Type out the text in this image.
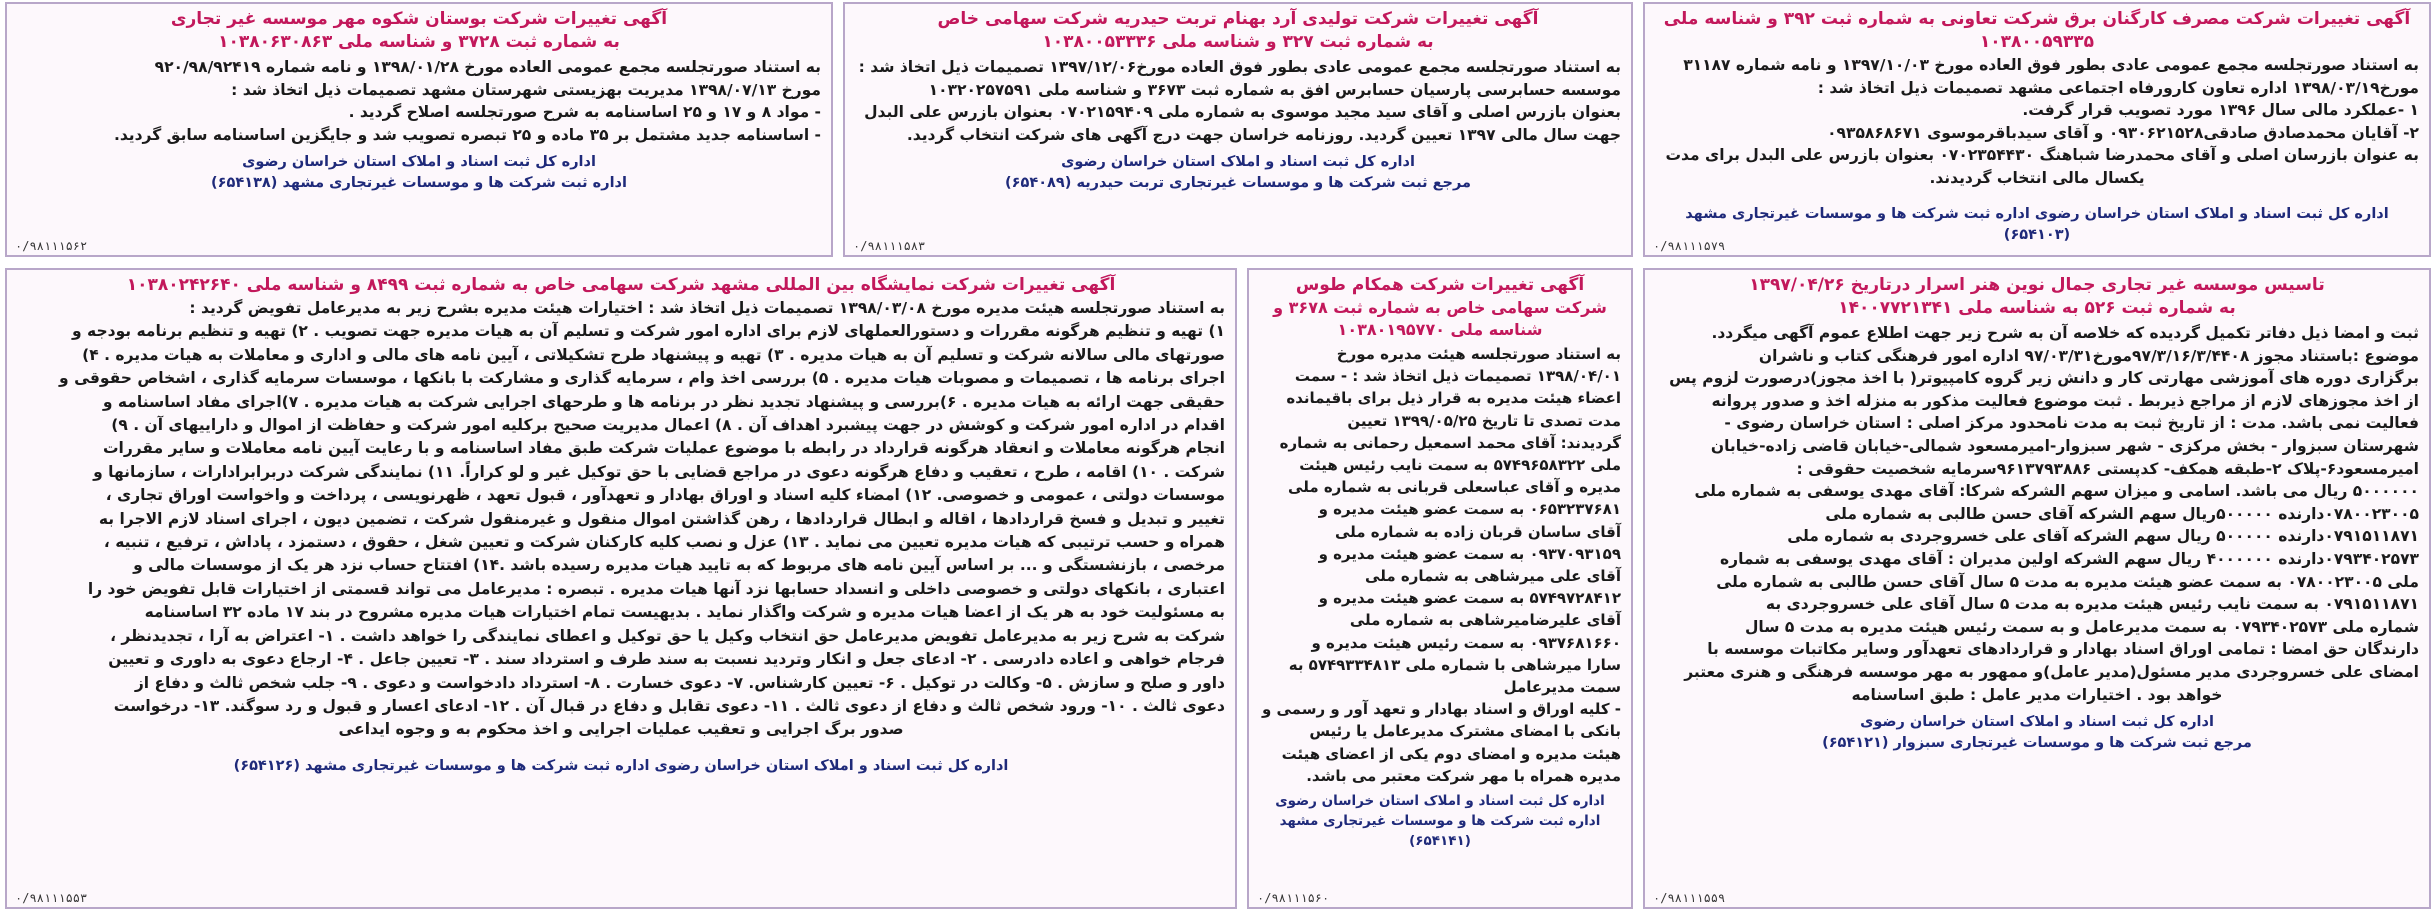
آگهی تغییرات شرکت مصرف کارگنان برق شرکت تعاونی به شماره ثبت ۳۹۲ و شناسه ملی ۱۰۳۸۰۰۵۹۳۳۵

به استناد صورتجلسه مجمع عمومی عادی بطور فوق العاده مورخ ۱۳۹۷/۱۰/۰۳ و نامه شماره ۳۱۱۸۷

مورخ۱۳۹۸/۰۳/۱۹ اداره تعاون کارورفاه اجتماعی مشهد تصمیمات ذیل اتخاذ شد :

۱ -عملکرد مالی سال ۱۳۹۶ مورد تصویب قرار گرفت.

۲- آقایان محمدصادق صادقی۰۹۳۰۶۲۱۵۲۸ و آقای سیدباقرموسوی ۰۹۳۵۸۶۸۶۷۱

به عنوان بازرسان اصلی و آقای محمدرضا شباهنگ ۰۷۰۲۳۵۴۴۳۰ بعنوان بازرس علی البدل برای مدت

یکسال مالی انتخاب گردیدند.

اداره کل ثبت اسناد و املاک استان خراسان رضوی اداره ثبت شرکت ها و موسسات غیرتجاری مشهد (۶۵۴۱۰۳)
۰/۹۸۱۱۱۵۷۹
آگهی تغییرات شرکت تولیدی آرد بهنام تربت حیدریه شرکت سهامی خاص
به شماره ثبت ۳۲۷ و شناسه ملی ۱۰۳۸۰۰۵۳۳۳۶

به استناد صورتجلسه مجمع عمومی عادی بطور فوق العاده مورخ۱۳۹۷/۱۲/۰۶ تصمیمات ذیل اتخاذ شد :

موسسه حسابرسی پارسیان حسابرس افق به شماره ثبت ۳۶۷۳ و شناسه ملی ۱۰۳۲۰۲۵۷۵۹۱

بعنوان بازرس اصلی و آقای سید مجید موسوی به شماره ملی ۰۷۰۲۱۵۹۴۰۹ بعنوان بازرس علی البدل

جهت سال مالی ۱۳۹۷ تعیین گردید. روزنامه خراسان جهت درج آگهی های شرکت انتخاب گردید.

اداره کل ثبت اسناد و املاک استان خراسان رضوی
مرجع ثبت شرکت ها و موسسات غیرتجاری تربت حیدریه (۶۵۴۰۸۹)
۰/۹۸۱۱۱۵۸۳
آگهی تغییرات شرکت بوستان شکوه مهر موسسه غیر تجاری
به شماره ثبت ۳۷۲۸ و شناسه ملی ۱۰۳۸۰۶۳۰۸۶۳

به استناد صورتجلسه مجمع عمومی العاده مورخ ۱۳۹۸/۰۱/۲۸ و نامه شماره ۹۲۰/۹۸/۹۲۴۱۹

مورخ ۱۳۹۸/۰۷/۱۳ مدیریت بهزیستی شهرستان مشهد تصمیمات ذیل اتخاذ شد :

- مواد ۸ و ۱۷ و ۲۵ اساسنامه به شرح صورتجلسه اصلاح گردید .

- اساسنامه جدید مشتمل بر ۳۵ ماده و ۲۵ تبصره تصویب شد و جایگزین اساسنامه سابق گردید.

اداره کل ثبت اسناد و املاک استان خراسان رضوی
اداره ثبت شرکت ها و موسسات غیرتجاری مشهد (۶۵۴۱۳۸)
۰/۹۸۱۱۱۵۶۲
تاسیس موسسه غیر تجاری جمال نوین هنر اسرار درتاریخ ۱۳۹۷/۰۴/۲۶
به شماره ثبت ۵۲۶ به شناسه ملی ۱۴۰۰۷۷۲۱۳۴۱

ثبت و امضا ذیل دفاتر تکمیل گردیده که خلاصه آن به شرح زیر جهت اطلاع عموم آگهی میگردد.

موضوع :باستناد مجوز ۹۷/۳/۱۶/۳/۴۴۰۸مورخ۹۷/۰۳/۳۱ اداره امور فرهنگی کتاب و ناشران

برگزاری دوره های آموزشی مهارتی کار و دانش زیر گروه کامپیوتر( با اخذ مجوز)درصورت لزوم پس

از اخذ مجوزهای لازم از مراجع ذیربط . ثبت موضوع فعالیت مذکور به منزله اخذ و صدور پروانه

فعالیت نمی باشد. مدت : از تاریخ ثبت به مدت نامحدود مرکز اصلی : استان خراسان رضوی -

شهرستان سبزوار - بخش مرکزی - شهر سبزوار-امیرمسعود شمالی-خیابان قاضی زاده-خیابان

امیرمسعود۶-پلاک ۲-طبقه همکف- کدپستی ۹۶۱۳۷۹۳۸۸۶سرمایه شخصیت حقوقی :

۵۰۰۰۰۰۰ ریال می باشد. اسامی و میزان سهم الشرکه شرکا: آقای مهدی یوسفی به شماره ملی

۰۷۸۰۰۲۳۰۰۵دارنده ۵۰۰۰۰۰ریال سهم الشرکه آقای حسن طالبی به شماره ملی

۰۷۹۱۵۱۱۸۷۱دارنده ۵۰۰۰۰۰ ریال سهم الشرکه آقای علی خسروجردی به شماره ملی

۰۷۹۳۴۰۲۵۷۳دارنده ۴۰۰۰۰۰۰ ریال سهم الشرکه اولین مدیران : آقای مهدی یوسفی به شماره

ملی ۰۷۸۰۰۲۳۰۰۵ به سمت عضو هیئت مدیره به مدت ۵ سال آقای حسن طالبی به شماره ملی

۰۷۹۱۵۱۱۸۷۱ به سمت نایب رئیس هیئت مدیره به مدت ۵ سال آقای علی خسروجردی به

شماره ملی ۰۷۹۳۴۰۲۵۷۳ به سمت مدیرعامل و به سمت رئیس هیئت مدیره به مدت ۵ سال

دارندگان حق امضا : تمامی اوراق اسناد بهادار و قراردادهای تعهدآور وسایر مکاتبات موسسه با

امضای علی خسروجردی مدیر مسئول(مدیر عامل)و ممهور به مهر موسسه فرهنگی و هنری معتبر

خواهد بود . اختیارات مدیر عامل : طبق اساسنامه

اداره کل ثبت اسناد و املاک استان خراسان رضوی
مرجع ثبت شرکت ها و موسسات غیرتجاری سبزوار (۶۵۴۱۲۱)
۰/۹۸۱۱۱۵۵۹
آگهی تغییرات شرکت همکام طوس
شرکت سهامی خاص به شماره ثبت ۳۶۷۸ و شناسه ملی ۱۰۳۸۰۱۹۵۷۷۰

به استناد صورتجلسه هیئت مدیره مورخ

۱۳۹۸/۰۴/۰۱ تصمیمات ذیل اتخاذ شد : - سمت

اعضاء هیئت مدیره به قرار ذیل برای باقیمانده

مدت تصدی تا تاریخ ۱۳۹۹/۰۵/۲۵ تعیین

گردیدند: آقای محمد اسمعیل رحمانی به شماره

ملی ۵۷۴۹۶۵۸۳۲۲ به سمت نایب رئیس هیئت

مدیره و آقای عباسعلی قربانی به شماره ملی

۰۶۵۳۲۳۷۶۸۱ به سمت عضو هیئت مدیره و

آقای ساسان قربان زاده به شماره ملی

۰۹۳۷۰۹۳۱۵۹ به سمت عضو هیئت مدیره و

آقای علی میرشاهی به شماره ملی

۵۷۴۹۷۲۸۴۱۲ به سمت عضو هیئت مدیره و

آقای علیرضامیرشاهی به شماره ملی

۰۹۳۷۶۸۱۶۶۰ به سمت رئیس هیئت مدیره و

سارا میرشاهی با شماره ملی ۵۷۴۹۳۳۴۸۱۳ به

سمت مدیرعامل

- کلیه اوراق و اسناد بهادار و تعهد آور و رسمی و

بانکی با امضای مشترک مدیرعامل یا رئیس

هیئت مدیره و امضای دوم یکی از اعضای هیئت

مدیره همراه با مهر شرکت معتبر می باشد.

اداره کل ثبت اسناد و املاک استان خراسان رضوی اداره ثبت شرکت ها و موسسات غیرتجاری مشهد (۶۵۴۱۴۱)
۰/۹۸۱۱۱۵۶۰
آگهی تغییرات شرکت نمایشگاه بین المللی مشهد شرکت سهامی خاص به شماره ثبت ۸۴۹۹ و شناسه ملی ۱۰۳۸۰۲۴۲۶۴۰

به استناد صورتجلسه هیئت مدیره مورخ ۱۳۹۸/۰۳/۰۸ تصمیمات ذیل اتخاذ شد : اختیارات هیئت مدیره بشرح زیر به مدیرعامل تفویض گردید :

۱) تهیه و تنظیم هرگونه مقررات و دستورالعملهای لازم برای اداره امور شرکت و تسلیم آن به هیات مدیره جهت تصویب . ۲) تهیه و تنظیم برنامه بودجه و

صورتهای مالی سالانه شرکت و تسلیم آن به هیات مدیره . ۳) تهیه و پیشنهاد طرح تشکیلاتی ، آیین نامه های مالی و اداری و معاملات به هیات مدیره . ۴)

اجرای برنامه ها ، تصمیمات و مصوبات هیات مدیره . ۵) بررسی اخذ وام ، سرمایه گذاری و مشارکت با بانکها ، موسسات سرمایه گذاری ، اشخاص حقوقی و

حقیقی جهت ارائه به هیات مدیره . ۶)بررسی و پیشنهاد تجدید نظر در برنامه ها و طرحهای اجرایی شرکت به هیات مدیره . ۷)اجرای مفاد اساسنامه و

اقدام در اداره امور شرکت و کوشش در جهت پیشبرد اهداف آن . ۸) اعمال مدیریت صحیح برکلیه امور شرکت و حفاظت از اموال و داراییهای آن . ۹)

انجام هرگونه معاملات و انعقاد هرگونه قرارداد در رابطه با موضوع عملیات شرکت طبق مفاد اساسنامه و با رعایت آیین نامه معاملات و سایر مقررات

شرکت . ۱۰) اقامه ، طرح ، تعقیب و دفاع هرگونه دعوی در مراجع قضایی با حق توکیل غیر و لو کراراً. ۱۱) نمایندگی شرکت دربرابرادارات ، سازمانها و

موسسات دولتی ، عمومی و خصوصی. ۱۲) امضاء کلیه اسناد و اوراق بهادار و تعهدآور ، قبول تعهد ، ظهرنویسی ، پرداخت و واخواست اوراق تجاری ،

تغییر و تبدیل و فسخ قراردادها ، اقاله و ابطال قراردادها ، رهن گذاشتن اموال منقول و غیرمنقول شرکت ، تضمین دیون ، اجرای اسناد لازم الاجرا به

همراه و حسب ترتیبی که هیات مدیره تعیین می نماید . ۱۳) عزل و نصب کلیه کارکنان شرکت و تعیین شغل ، حقوق ، دستمزد ، پاداش ، ترفیع ، تنبیه ،

مرخصی ، بازنشستگی و ... بر اساس آیین نامه های مربوط که به تایید هیات مدیره رسیده باشد .۱۴) افتتاح حساب نزد هر یک از موسسات مالی و

اعتباری ، بانکهای دولتی و خصوصی داخلی و انسداد حسابها نزد آنها هیات مدیره . تبصره : مدیرعامل می تواند قسمتی از اختیارات قابل تفویض خود را

به مسئولیت خود به هر یک از اعضا هیات مدیره و شرکت واگذار نماید . بدیهیست تمام اختیارات هیات مدیره مشروح در بند ۱۷ ماده ۳۲ اساسنامه

شرکت به شرح زیر به مدیرعامل تفویض مدیرعامل حق انتخاب وکیل یا حق توکیل و اعطای نمایندگی را خواهد داشت . ۱- اعتراض به آرا ، تجدیدنظر ،

فرجام خواهی و اعاده دادرسی . ۲- ادعای جعل و انکار وتردید نسبت به سند طرف و استرداد سند . ۳- تعیین جاعل . ۴- ارجاع دعوی به داوری و تعیین

داور و صلح و سازش . ۵- وکالت در توکیل . ۶- تعیین کارشناس. ۷- دعوی خسارت . ۸- استرداد دادخواست و دعوی . ۹- جلب شخص ثالث و دفاع از

دعوی ثالث . ۱۰- ورود شخص ثالث و دفاع از دعوی ثالث . ۱۱- دعوی تقابل و دفاع در قبال آن . ۱۲- ادعای اعسار و قبول و رد سوگند. ۱۳- درخواست

صدور برگ اجرایی و تعقیب عملیات اجرایی و اخذ محکوم به و وجوه ایداعی

اداره کل ثبت اسناد و املاک استان خراسان رضوی اداره ثبت شرکت ها و موسسات غیرتجاری مشهد (۶۵۴۱۲۶)
۰/۹۸۱۱۱۵۵۳
